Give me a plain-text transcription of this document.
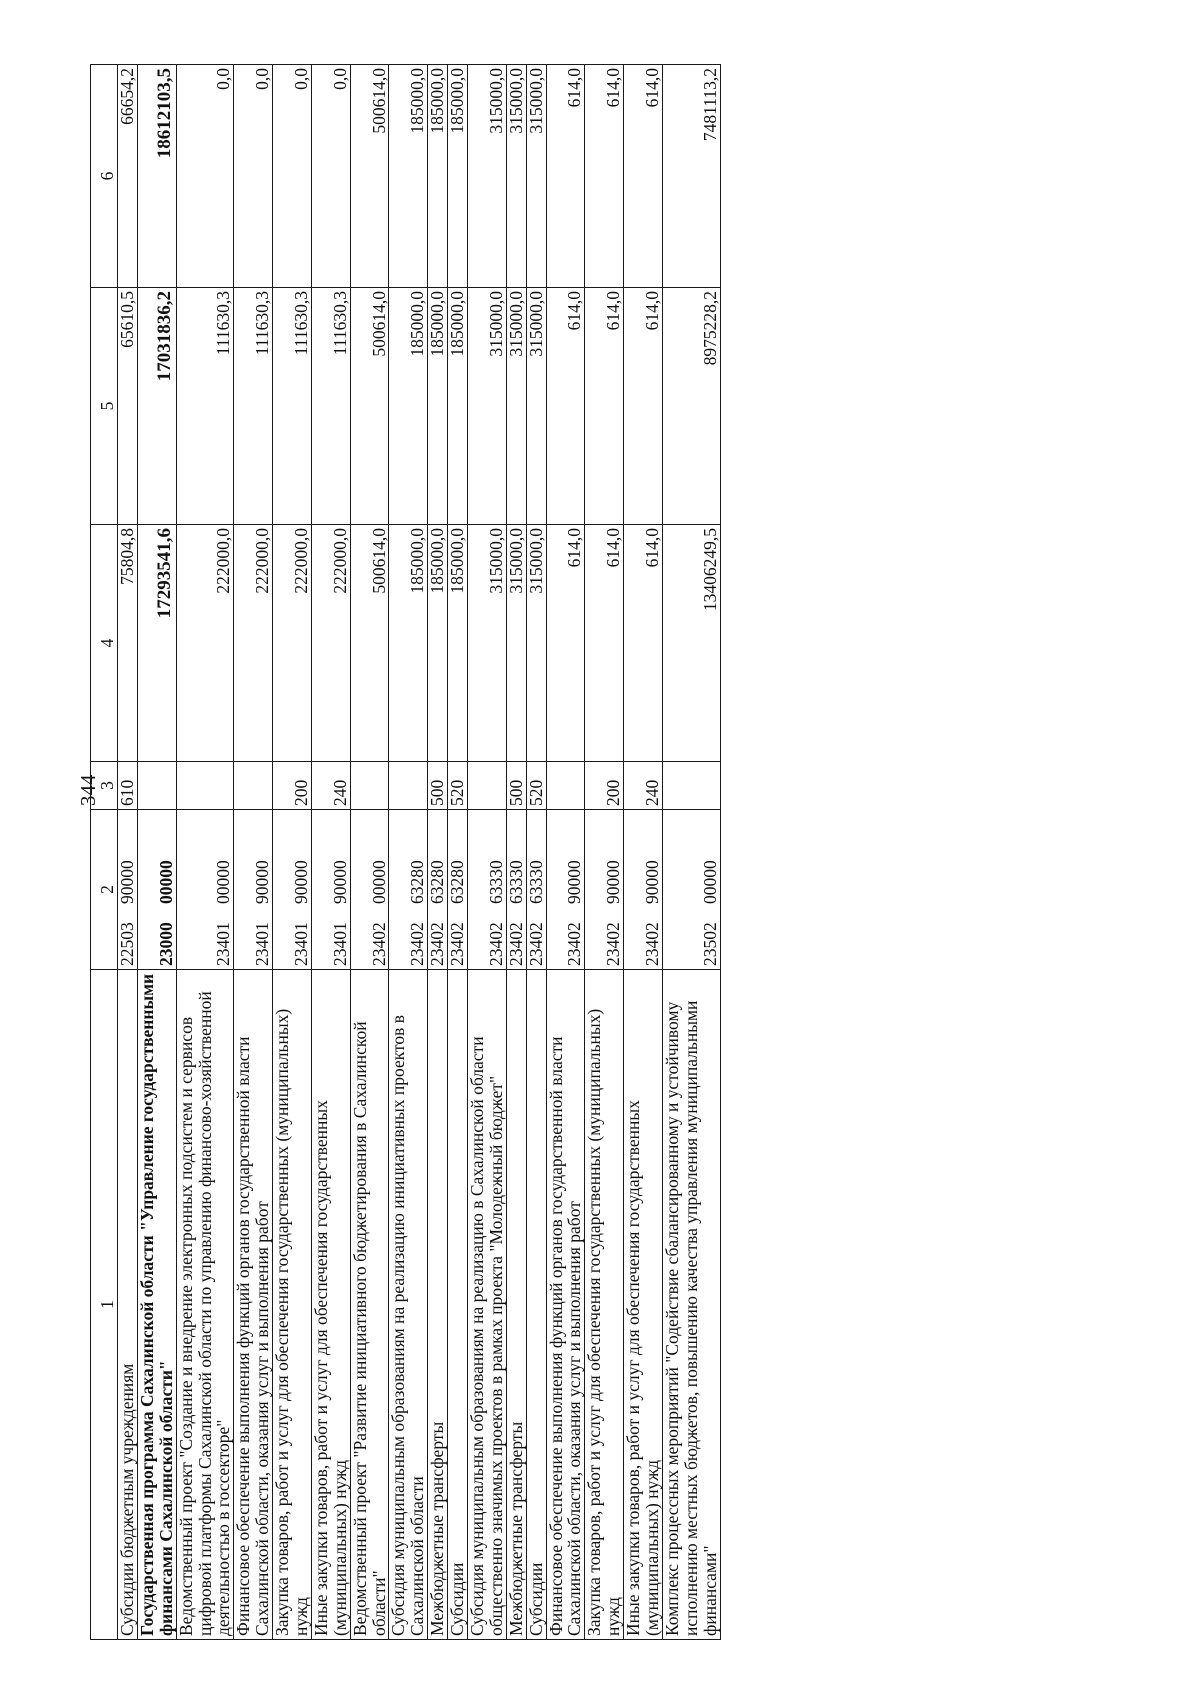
344
1	2	3	4	5	6
Субсидии бюджетным учреждениям	2250390000	610	75804,8	65610,5	66654,2
Государственная программа Сахалинской области "Управление государственными финансами Сахалинской области"	2300000000		17293541,6	17031836,2	18612103,5
Ведомственный проект "Создание и внедрение электронных подсистем и сервисов цифровой платформы Сахалинской области по управлению финансово-хозяйственной деятельностью в госсекторе"	2340100000		222000,0	111630,3	0,0
Финансовое обеспечение выполнения функций органов государственной власти Сахалинской области, оказания услуг и выполнения работ	2340190000		222000,0	111630,3	0,0
Закупка товаров, работ и услуг для обеспечения государственных (муниципальных) нужд	2340190000	200	222000,0	111630,3	0,0
Иные закупки товаров, работ и услуг для обеспечения государственных (муниципальных) нужд	2340190000	240	222000,0	111630,3	0,0
Ведомственный проект "Развитие инициативного бюджетирования в Сахалинской области"	2340200000		500614,0	500614,0	500614,0
Субсидия муниципальным образованиям на реализацию инициативных проектов в Сахалинской области	2340263280		185000,0	185000,0	185000,0
Межбюджетные трансферты	2340263280	500	185000,0	185000,0	185000,0
Субсидии	2340263280	520	185000,0	185000,0	185000,0
Субсидия муниципальным образованиям на реализацию в Сахалинской области общественно значимых проектов в рамках проекта "Молодежный бюджет"	2340263330		315000,0	315000,0	315000,0
Межбюджетные трансферты	2340263330	500	315000,0	315000,0	315000,0
Субсидии	2340263330	520	315000,0	315000,0	315000,0
Финансовое обеспечение выполнения функций органов государственной власти Сахалинской области, оказания услуг и выполнения работ	2340290000		614,0	614,0	614,0
Закупка товаров, работ и услуг для обеспечения государственных (муниципальных) нужд	2340290000	200	614,0	614,0	614,0
Иные закупки товаров, работ и услуг для обеспечения государственных (муниципальных) нужд	2340290000	240	614,0	614,0	614,0
Комплекс процессных мероприятий "Содействие сбалансированному и устойчивому исполнению местных бюджетов, повышению качества управления муниципальными финансами"	2350200000		13406249,5	8975228,2	7481113,2
